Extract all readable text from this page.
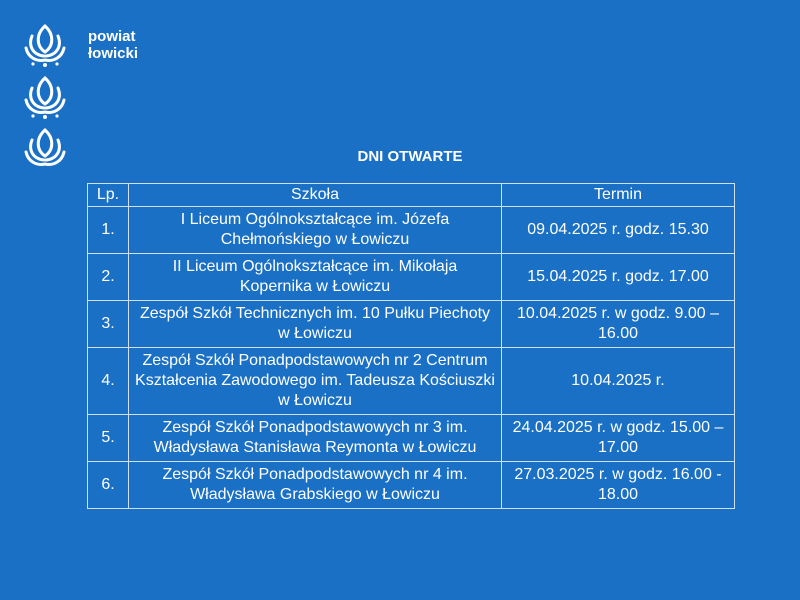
powiat
łowicki
DNI OTWARTE
Lp.	Szkoła	Termin
1.	I Liceum Ogólnokształcące im. Józefa Chełmońskiego w Łowiczu	09.04.2025 r. godz. 15.30
2.	II Liceum Ogólnokształcące im. Mikołaja Kopernika w Łowiczu	15.04.2025 r. godz. 17.00
3.	Zespół Szkół Technicznych im. 10 Pułku Piechoty w Łowiczu	10.04.2025 r. w godz. 9.00 – 16.00
4.	Zespół Szkół Ponadpodstawowych nr 2 Centrum Kształcenia Zawodowego im. Tadeusza Kościuszki w Łowiczu	10.04.2025 r.
5.	Zespół Szkół Ponadpodstawowych nr 3 im. Władysława Stanisława Reymonta w Łowiczu	24.04.2025 r. w godz. 15.00 – 17.00
6.	Zespół Szkół Ponadpodstawowych nr 4 im. Władysława Grabskiego w Łowiczu	27.03.2025 r. w godz. 16.00 - 18.00
